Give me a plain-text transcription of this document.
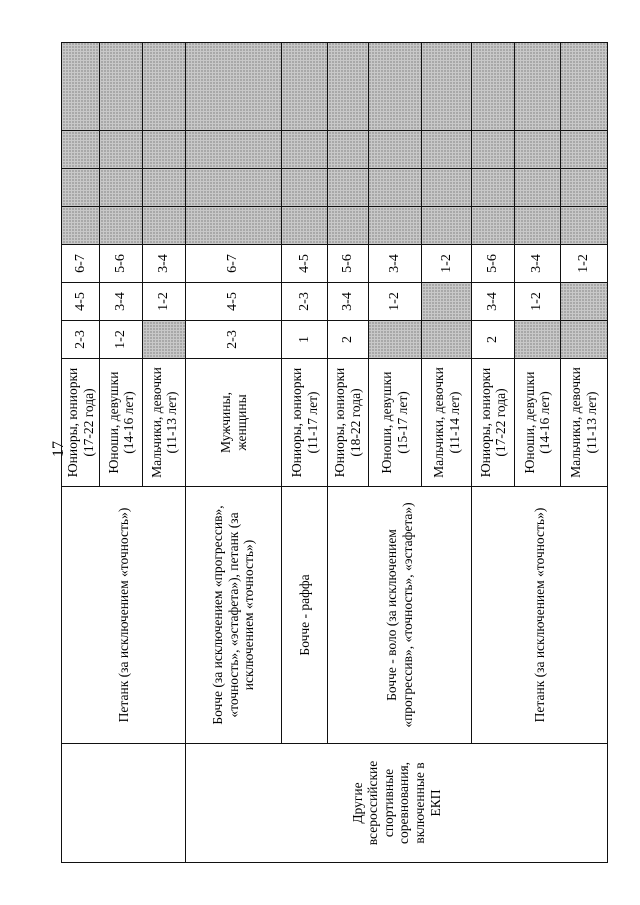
17
	Петанк (за исключением «точность»)	Юниоры, юниорки (17-22 года)	2-3	4-5	6-7				
		Юноши, девушки (14-16 лет)	1-2	3-4	5-6				
		Мальчики, девочки (11-13 лет)		1-2	3-4				
Другие всероссийские спортивные соревнования, включенные в ЕКП	Бочче (за исключением «прогрессив», «точность», «эстафета»), петанк (за исключением «точность»)	Мужчины, женщины	2-3	4-5	6-7				
	Бочче - раффа	Юниоры, юниорки (11-17 лет)	1	2-3	4-5				
	Бочче - воло (за исключением «прогрессив», «точность», «эстафета»)	Юниоры, юниорки (18-22 года)	2	3-4	5-6				
		Юноши, девушки (15-17 лет)		1-2	3-4				
		Мальчики, девочки (11-14 лет)			1-2				
	Петанк (за исключением «точность»)	Юниоры, юниорки (17-22 года)	2	3-4	5-6				
		Юноши, девушки (14-16 лет)		1-2	3-4				
		Мальчики, девочки (11-13 лет)			1-2				
